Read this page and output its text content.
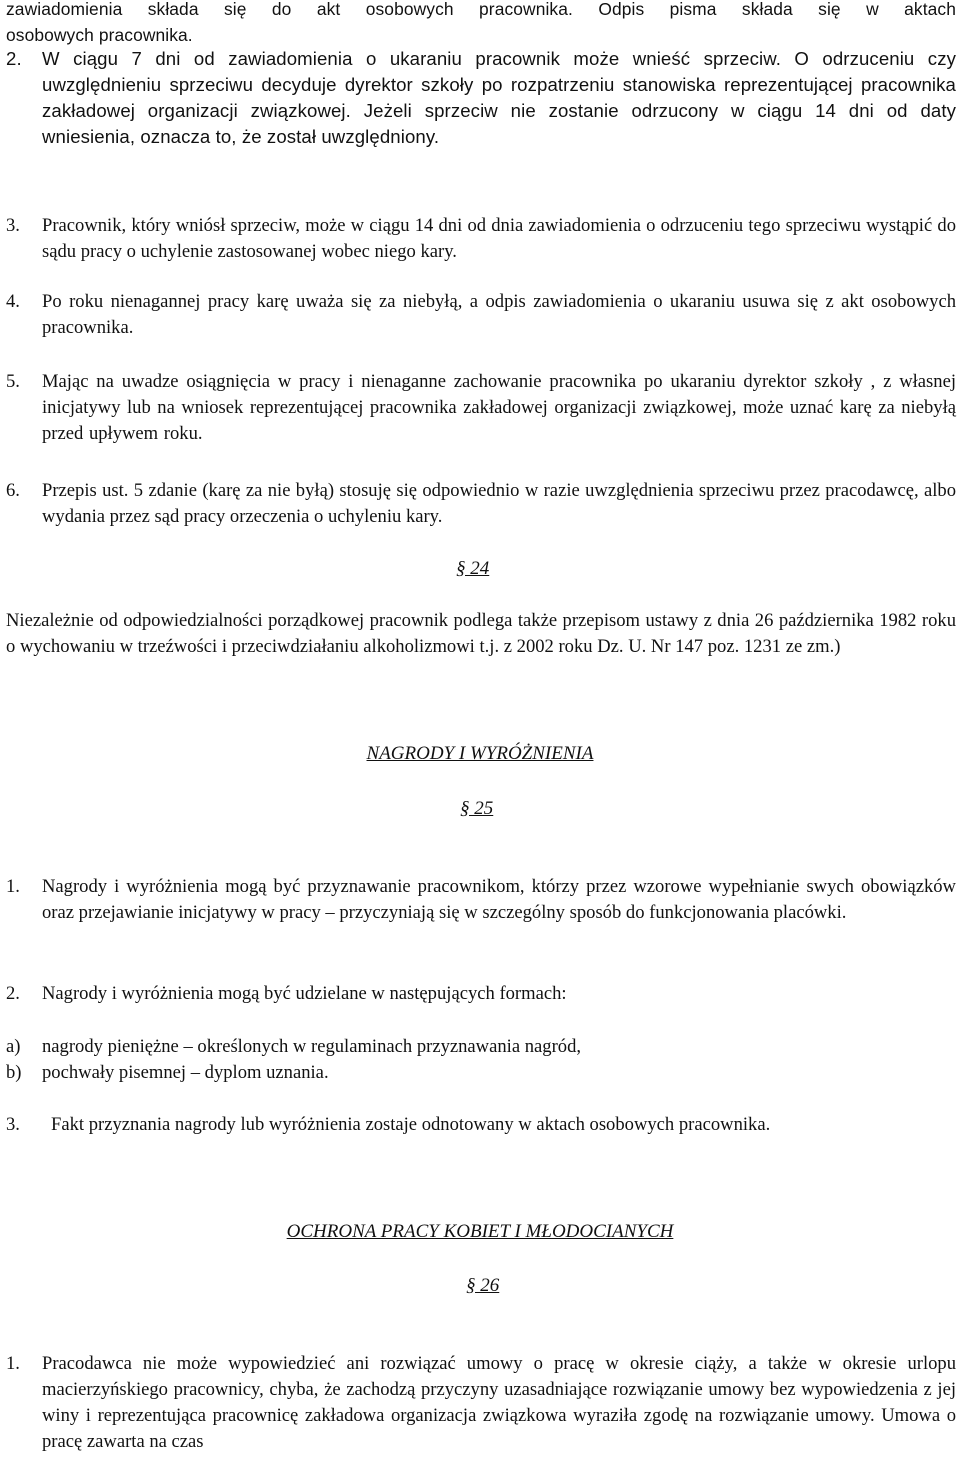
zawiadomienia składa się do akt osobowych pracownika. Odpis pisma składa się w aktach
osobowych pracownika.
2. W ciągu 7 dni od zawiadomienia o ukaraniu pracownik może wnieść sprzeciw. O odrzuceniu czy uwzględnieniu sprzeciwu decyduje dyrektor szkoły po rozpatrzeniu stanowiska reprezentującej pracownika zakładowej organizacji związkowej. Jeżeli sprzeciw nie zostanie odrzucony w ciągu 14 dni od daty wniesienia, oznacza to, że został uwzględniony.
3. Pracownik, który wniósł sprzeciw, może w ciągu 14 dni od dnia zawiadomienia o odrzuceniu tego sprzeciwu wystąpić do sądu pracy o uchylenie zastosowanej wobec niego kary.
4. Po roku nienagannej pracy karę uważa się za niebyłą, a odpis zawiadomienia o ukaraniu usuwa się z akt osobowych pracownika.
5. Mając na uwadze osiągnięcia w pracy i nienaganne zachowanie pracownika po ukaraniu dyrektor szkoły , z własnej inicjatywy lub na wniosek reprezentującej pracownika zakładowej organizacji związkowej, może uznać karę za niebyłą przed upływem roku.
6. Przepis ust. 5 zdanie (karę za nie byłą) stosuję się odpowiednio w razie uwzględnienia sprzeciwu przez pracodawcę, albo wydania przez sąd pracy orzeczenia o uchyleniu kary.
§ 24
Niezależnie od odpowiedzialności porządkowej pracownik podlega także przepisom ustawy z dnia 26 października 1982 roku o wychowaniu w trzeźwości i przeciwdziałaniu alkoholizmowi t.j. z 2002 roku Dz. U. Nr 147 poz. 1231 ze zm.)
NAGRODY I WYRÓŻNIENIA
§ 25
1. Nagrody i wyróżnienia mogą być przyznawanie pracownikom, którzy przez wzorowe wypełnianie swych obowiązków oraz przejawianie inicjatywy w pracy – przyczyniają się w szczególny sposób do funkcjonowania placówki.
2. Nagrody i wyróżnienia mogą być udzielane w następujących formach:
a) nagrody pieniężne – określonych w regulaminach przyznawania nagród,
b) pochwały pisemnej – dyplom uznania.
3. Fakt przyznania nagrody lub wyróżnienia zostaje odnotowany w aktach osobowych pracownika.
OCHRONA PRACY KOBIET I MŁODOCIANYCH
§ 26
1. Pracodawca nie może wypowiedzieć ani rozwiązać umowy o pracę w okresie ciąży, a także w okresie urlopu macierzyńskiego pracownicy, chyba, że zachodzą przyczyny uzasadniające rozwiązanie umowy bez wypowiedzenia z jej winy i reprezentująca pracownicę zakładowa organizacja związkowa wyraziła zgodę na rozwiązanie umowy. Umowa o pracę zawarta na czas
